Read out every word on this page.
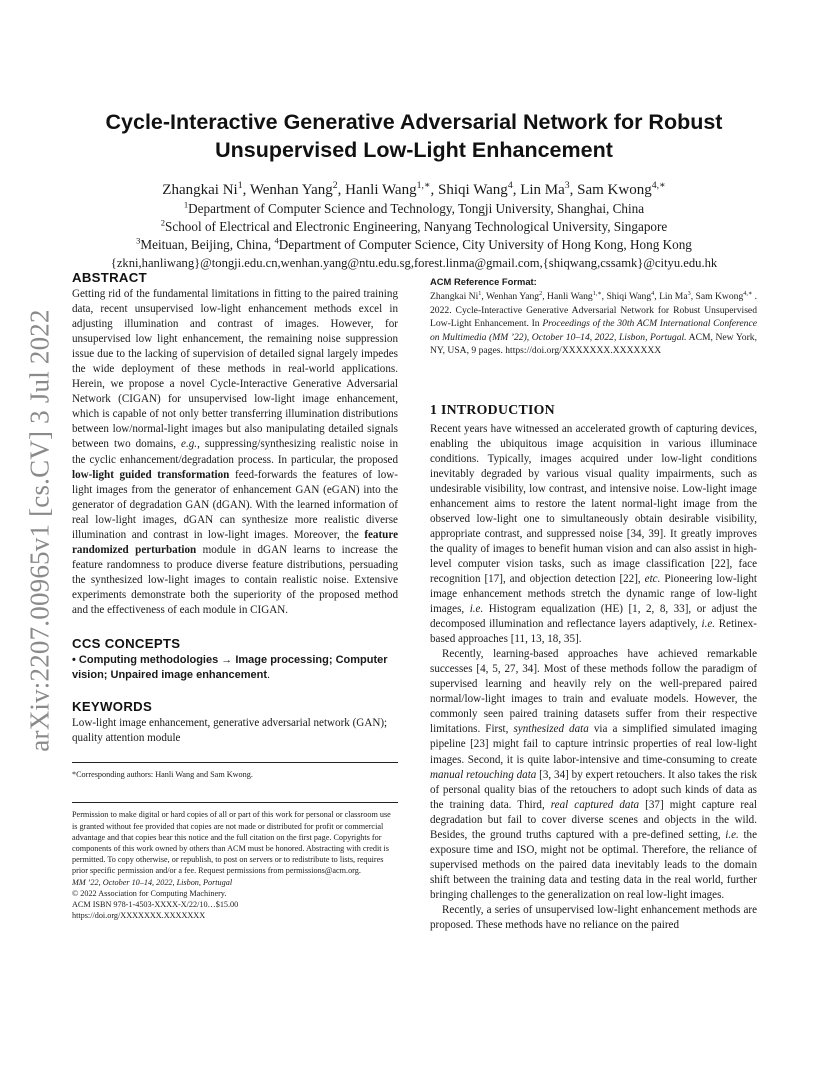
arXiv:2207.00965v1 [cs.CV] 3 Jul 2022
Cycle-Interactive Generative Adversarial Network for Robust
Unsupervised Low-Light Enhancement
Zhangkai Ni$^1$, Wenhan Yang$^2$, Hanli Wang$^{1,∗}$, Shiqi Wang$^4$, Lin Ma$^3$, Sam Kwong$^{4,∗}$
$^1$Department of Computer Science and Technology, Tongji University, Shanghai, China
$^2$School of Electrical and Electronic Engineering, Nanyang Technological University, Singapore
$^3$Meituan, Beijing, China, $^4$Department of Computer Science, City University of Hong Kong, Hong Kong
{zkni,hanliwang}@tongji.edu.cn,wenhan.yang@ntu.edu.sg,forest.linma@gmail.com,{shiqwang,cssamk}@cityu.edu.hk
ABSTRACT

Getting rid of the fundamental limitations in fitting to the paired training data, recent unsupervised low-light enhancement methods excel in adjusting illumination and contrast of images. However, for unsupervised low light enhancement, the remaining noise suppression issue due to the lacking of supervision of detailed signal largely impedes the wide deployment of these methods in real-world applications. Herein, we propose a novel Cycle-Interactive Generative Adversarial Network (CIGAN) for unsupervised low-light image enhancement, which is capable of not only better transferring illumination distributions between low/normal-light images but also manipulating detailed signals between two domains, e.g., suppressing/synthesizing realistic noise in the cyclic enhancement/degradation process. In particular, the proposed low-light guided transformation feed-forwards the features of low-light images from the generator of enhancement GAN (eGAN) into the generator of degradation GAN (dGAN). With the learned information of real low-light images, dGAN can synthesize more realistic diverse illumination and contrast in low-light images. Moreover, the feature randomized perturbation module in dGAN learns to increase the feature randomness to produce diverse feature distributions, persuading the synthesized low-light images to contain realistic noise. Extensive experiments demonstrate both the superiority of the proposed method and the effectiveness of each module in CIGAN.

CCS CONCEPTS

• Computing methodologies → Image processing; Computer vision; Unpaired image enhancement.

KEYWORDS

Low-light image enhancement, generative adversarial network (GAN); quality attention module

*Corresponding authors: Hanli Wang and Sam Kwong.

Permission to make digital or hard copies of all or part of this work for personal or classroom use is granted without fee provided that copies are not made or distributed for profit or commercial advantage and that copies bear this notice and the full citation on the first page. Copyrights for components of this work owned by others than ACM must be honored. Abstracting with credit is permitted. To copy otherwise, or republish, to post on servers or to redistribute to lists, requires prior specific permission and/or a fee. Request permissions from permissions@acm.org.

MM ’22, October 10–14, 2022, Lisbon, Portugal

© 2022 Association for Computing Machinery.

ACM ISBN 978-1-4503-XXXX-X/22/10…$15.00

https://doi.org/XXXXXXX.XXXXXXX

ACM Reference Format:

Zhangkai Ni$^1$, Wenhan Yang$^2$, Hanli Wang$^{1,∗}$, Shiqi Wang$^4$, Lin Ma$^3$, Sam Kwong$^{4,∗}$ . 2022. Cycle-Interactive Generative Adversarial Network for Robust Unsupervised Low-Light Enhancement. In Proceedings of the 30th ACM International Conference on Multimedia (MM ’22), October 10–14, 2022, Lisbon, Portugal. ACM, New York, NY, USA, 9 pages. https://doi.org/XXXXXXX.XXXXXXX

1 INTRODUCTION

Recent years have witnessed an accelerated growth of capturing devices, enabling the ubiquitous image acquisition in various illuminace conditions. Typically, images acquired under low-light conditions inevitably degraded by various visual quality impairments, such as undesirable visibility, low contrast, and intensive noise. Low-light image enhancement aims to restore the latent normal-light image from the observed low-light one to simultaneously obtain desirable visibility, appropriate contrast, and suppressed noise [34, 39]. It greatly improves the quality of images to benefit human vision and can also assist in high-level computer vision tasks, such as image classification [22], face recognition [17], and objection detection [22], etc. Pioneering low-light image enhancement methods stretch the dynamic range of low-light images, i.e. Histogram equalization (HE) [1, 2, 8, 33], or adjust the decomposed illumination and reflectance layers adaptively, i.e. Retinex-based approaches [11, 13, 18, 35].

Recently, learning-based approaches have achieved remarkable successes [4, 5, 27, 34]. Most of these methods follow the paradigm of supervised learning and heavily rely on the well-prepared paired normal/low-light images to train and evaluate models. However, the commonly seen paired training datasets suffer from their respective limitations. First, synthesized data via a simplified simulated imaging pipeline [23] might fail to capture intrinsic properties of real low-light images. Second, it is quite labor-intensive and time-consuming to create manual retouching data [3, 34] by expert retouchers. It also takes the risk of personal quality bias of the retouchers to adopt such kinds of data as the training data. Third, real captured data [37] might capture real degradation but fail to cover diverse scenes and objects in the wild. Besides, the ground truths captured with a pre-defined setting, i.e. the exposure time and ISO, might not be optimal. Therefore, the reliance of supervised methods on the paired data inevitably leads to the domain shift between the training data and testing data in the real world, further bringing challenges to the generalization on real low-light images.

Recently, a series of unsupervised low-light enhancement methods are proposed. These methods have no reliance on the paired
